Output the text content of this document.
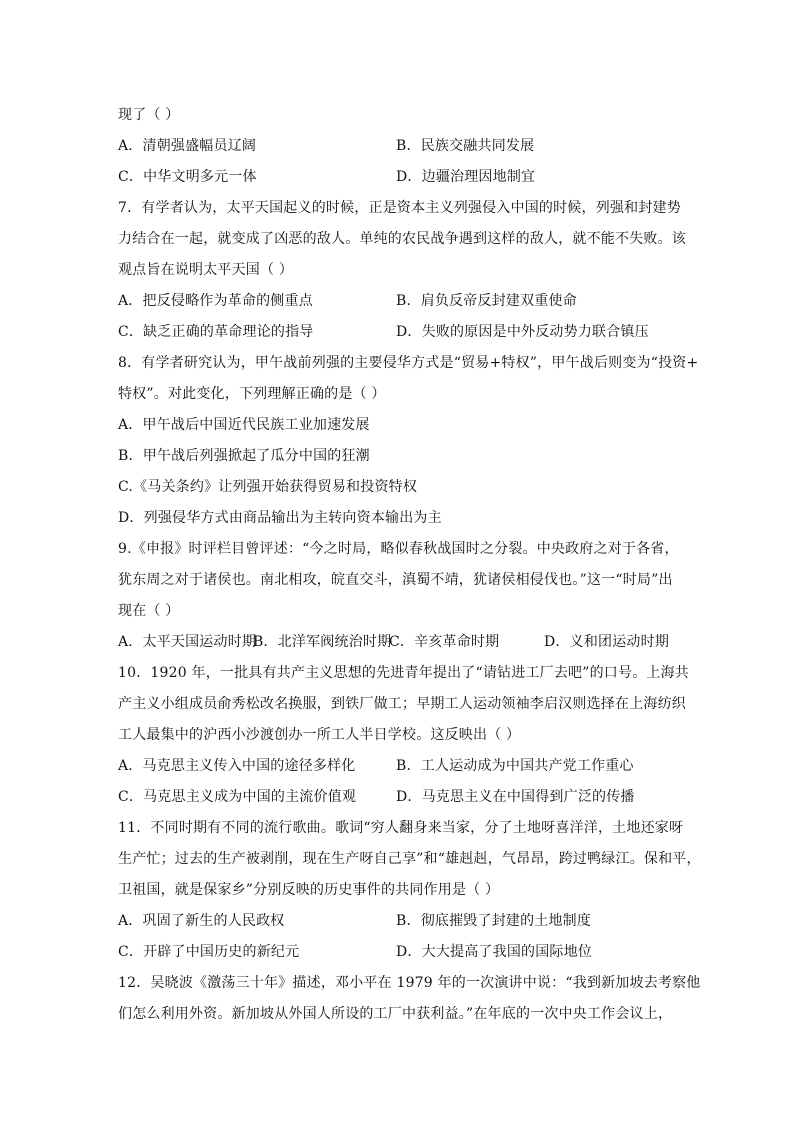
现了（ ）
A．清朝强盛幅员辽阔	B．民族交融共同发展
C．中华文明多元一体	D．边疆治理因地制宜
7．有学者认为，太平天国起义的时候，正是资本主义列强侵入中国的时候，列强和封建势
力结合在一起，就变成了凶恶的敌人。单纯的农民战争遇到这样的敌人，就不能不失败。该
观点旨在说明太平天国（ ）
A．把反侵略作为革命的侧重点	B．肩负反帝反封建双重使命
C．缺乏正确的革命理论的指导	D．失败的原因是中外反动势力联合镇压
8．有学者研究认为，甲午战前列强的主要侵华方式是“贸易+特权”，甲午战后则变为“投资+
特权”。对此变化，下列理解正确的是（ ）
A．甲午战后中国近代民族工业加速发展
B．甲午战后列强掀起了瓜分中国的狂潮
C.《马关条约》让列强开始获得贸易和投资特权
D．列强侵华方式由商品输出为主转向资本输出为主
9.《申报》时评栏目曾评述：“今之时局，略似春秋战国时之分裂。中央政府之对于各省，
犹东周之对于诸侯也。南北相攻，皖直交斗，滇蜀不靖，犹诸侯相侵伐也。”这一“时局”出
现在（ ）
A．太平天国运动时期
B．北洋军阀统治时期
C．辛亥革命时期	D．义和团运动时期
10．1920 年，一批具有共产主义思想的先进青年提出了“请钻进工厂去吧”的口号。上海共
产主义小组成员俞秀松改名换服，到铁厂做工；早期工人运动领袖李启汉则选择在上海纺织
工人最集中的沪西小沙渡创办一所工人半日学校。这反映出（ ）
A．马克思主义传入中国的途径多样化	B．工人运动成为中国共产党工作重心
C．马克思主义成为中国的主流价值观	D．马克思主义在中国得到广泛的传播
11．不同时期有不同的流行歌曲。歌词“穷人翻身来当家，分了土地呀喜洋洋，土地还家呀
生产忙；过去的生产被剥削，现在生产呀自己享”和“雄赳赳，气昂昂，跨过鸭绿江。保和平，
卫祖国，就是保家乡”分别反映的历史事件的共同作用是（ ）
A．巩固了新生的人民政权	B．彻底摧毁了封建的土地制度
C．开辟了中国历史的新纪元	D．大大提高了我国的国际地位
12．吴晓波《激荡三十年》描述，邓小平在 1979 年的一次演讲中说：“我到新加坡去考察他
们怎么利用外资。新加坡从外国人所设的工厂中获利益。”在年底的一次中央工作会议上，
